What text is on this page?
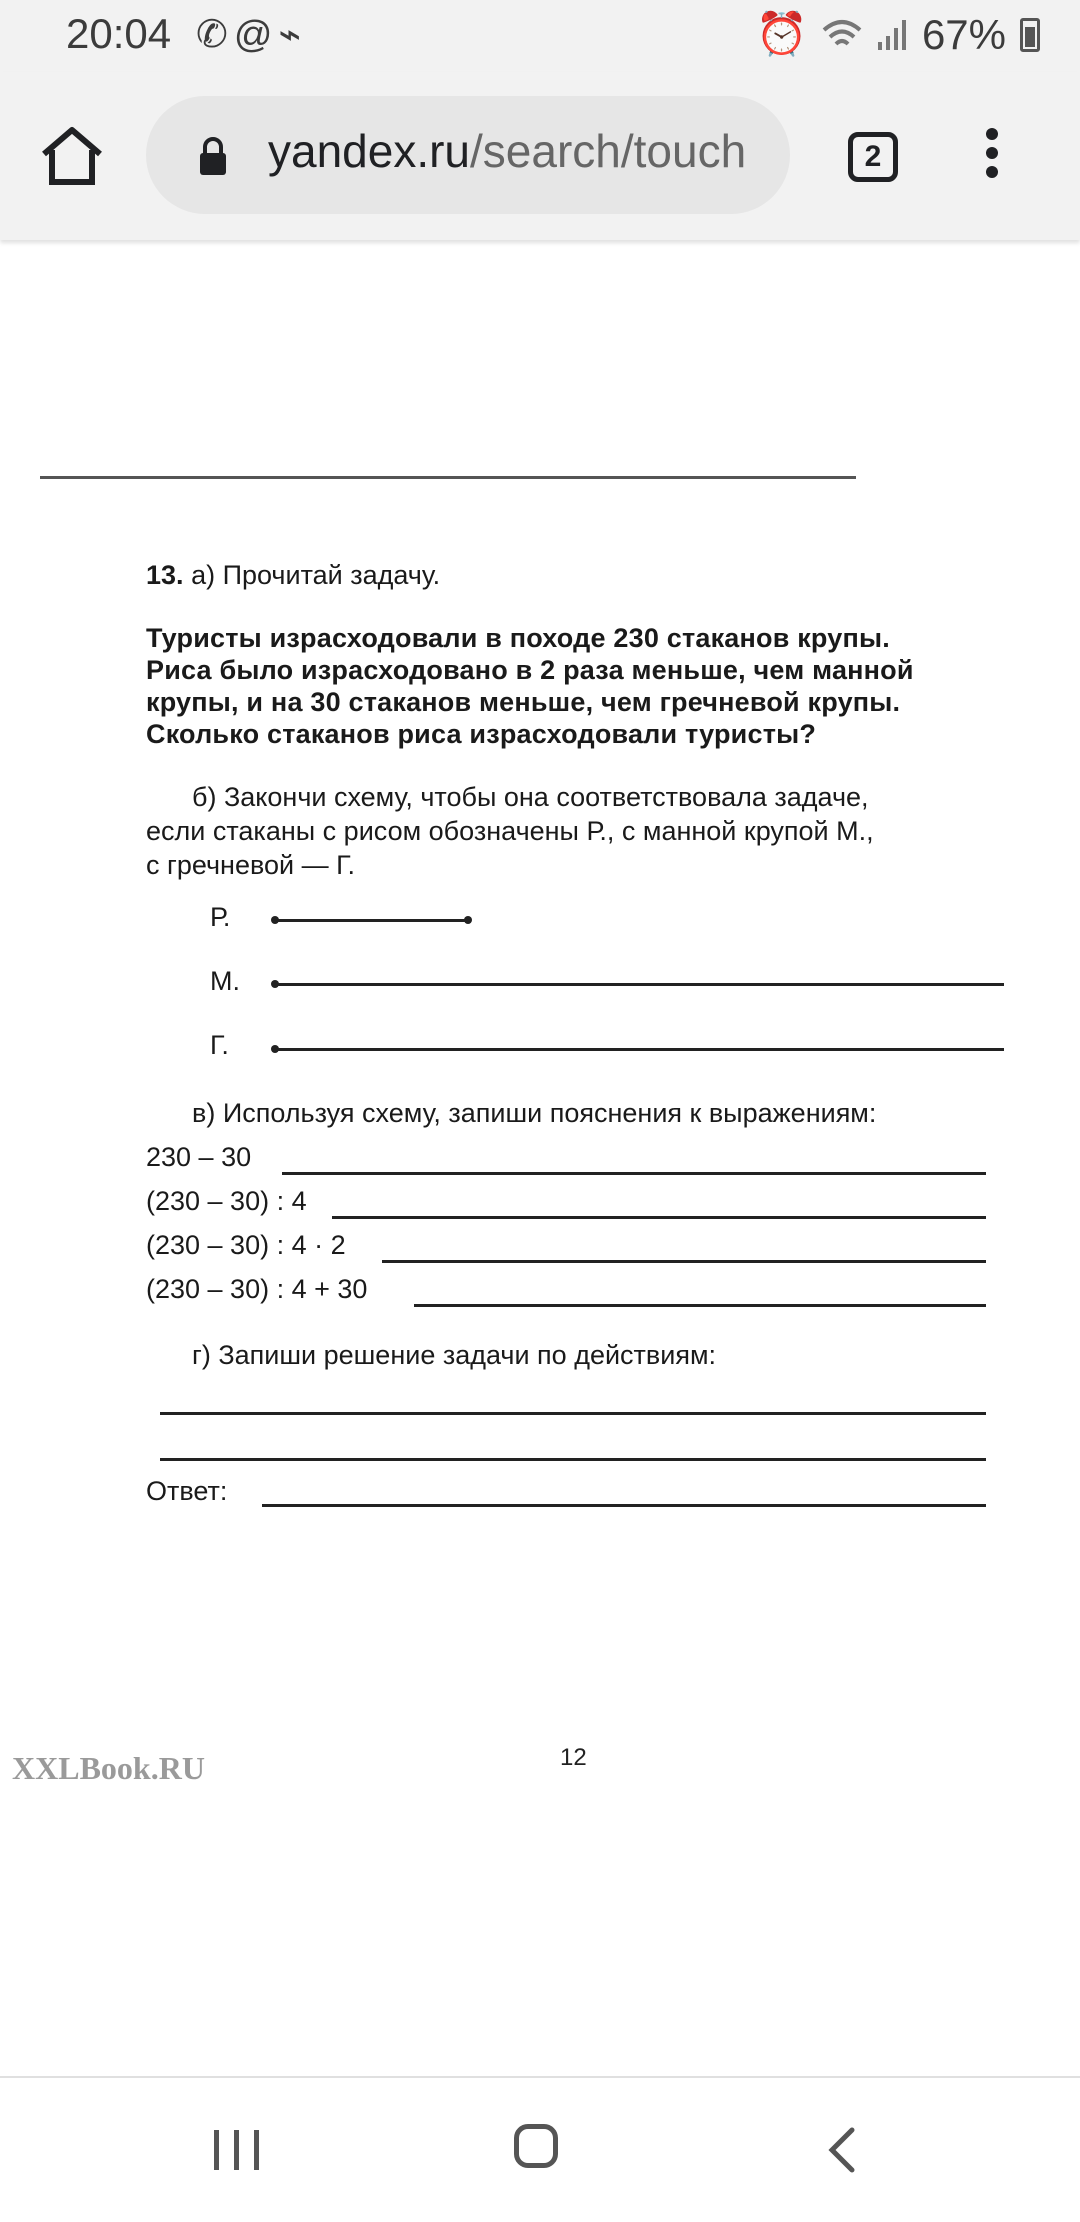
20:04 ✆@⌁	⏰	67%
yandex.ru/search/touch	2
13. а) Прочитай задачу.
Туристы израсходовали в походе 230 стаканов крупы.
Риса было израсходовано в 2 раза меньше, чем манной
крупы, и на 30 стаканов меньше, чем гречневой крупы.
Сколько стаканов риса израсходовали туристы?
б) Закончи схему, чтобы она соответствовала задаче,
если стаканы с рисом обозначены Р., с манной крупой М.,
с гречневой — Г.
Р.
М.
Г.
в) Используя схему, запиши пояснения к выражениям:
230 – 30
(230 – 30) : 4
(230 – 30) : 4 · 2
(230 – 30) : 4 + 30
г) Запиши решение задачи по действиям:
Ответ:
XXLBook.RU	12
